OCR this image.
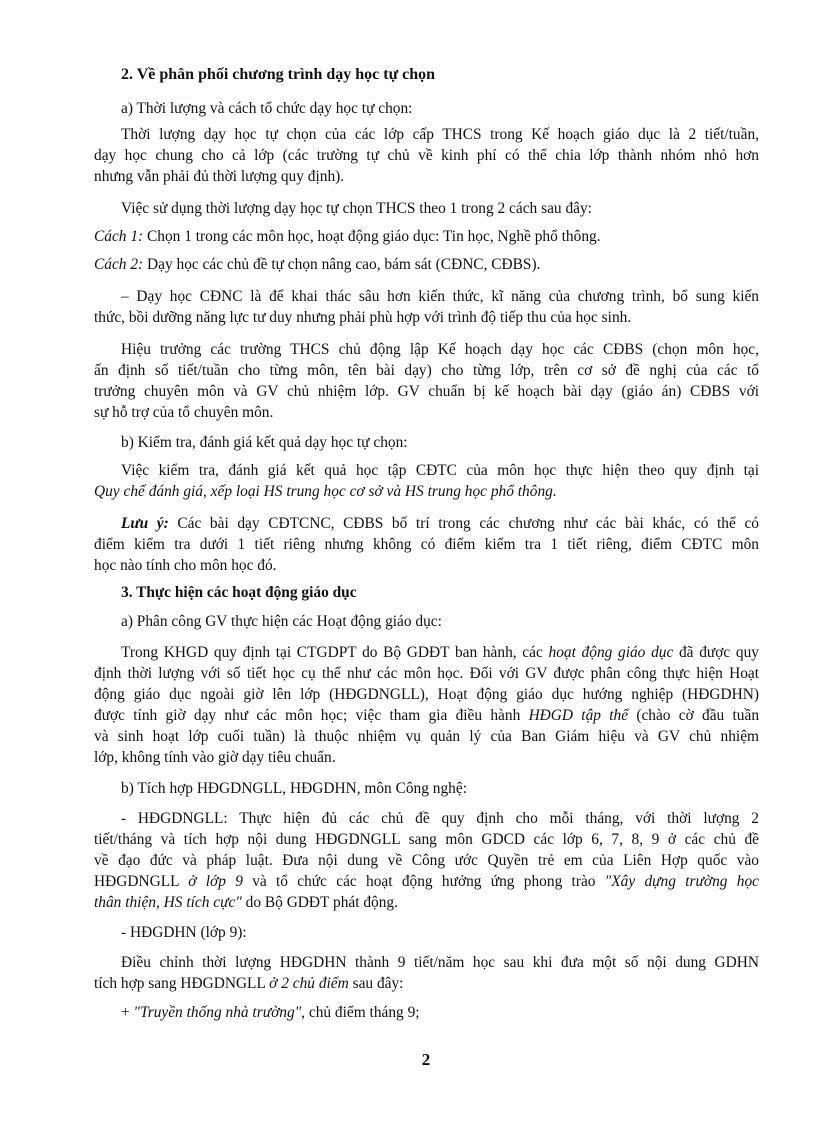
2. Về phân phối chương trình dạy học tự chọn

a) Thời lượng và cách tổ chức dạy học tự chọn:

Thời lượng dạy học tự chọn của các lớp cấp THCS trong Kế hoạch giáo dục là 2 tiết/tuần,

dạy học chung cho cả lớp (các trường tự chủ về kinh phí có thể chia lớp thành nhóm nhỏ hơn

nhưng vẫn phải đủ thời lượng quy định).

Việc sử dụng thời lượng dạy học tự chọn THCS theo 1 trong 2 cách sau đây:

Cách 1: Chọn 1 trong các môn học, hoạt động giáo dục: Tin học, Nghề phổ thông.

Cách 2: Dạy học các chủ đề tự chọn nâng cao, bám sát (CĐNC, CĐBS).

– Dạy học CĐNC là để khai thác sâu hơn kiến thức, kĩ năng của chương trình, bổ sung kiến

thức, bồi dưỡng năng lực tư duy nhưng phải phù hợp với trình độ tiếp thu của học sinh.

Hiệu trưởng các trường THCS chủ động lập Kế hoạch dạy học các CĐBS (chọn môn học,

ấn định số tiết/tuần cho từng môn, tên bài dạy) cho từng lớp, trên cơ sở đề nghị của các tổ

trưởng chuyên môn và GV chủ nhiệm lớp. GV chuẩn bị kế hoạch bài dạy (giáo án) CĐBS với

sự hỗ trợ của tổ chuyên môn.

b) Kiểm tra, đánh giá kết quả dạy học tự chọn:

Việc kiểm tra, đánh giá kết quả học tập CĐTC của môn học thực hiện theo quy định tại

Quy chế đánh giá, xếp loại HS trung học cơ sở và HS trung học phổ thông.

Lưu ý: Các bài dạy CĐTCNC, CĐBS bố trí trong các chương như các bài khác, có thể có

điểm kiểm tra dưới 1 tiết riêng nhưng không có điểm kiểm tra 1 tiết riêng, điểm CĐTC môn

học nào tính cho môn học đó.

3. Thực hiện các hoạt động giáo dục

a) Phân công GV thực hiện các Hoạt động giáo dục:

Trong KHGD quy định tại CTGDPT do Bộ GDĐT ban hành, các hoạt động giáo dục đã được quy

định thời lượng với số tiết học cụ thể như các môn học. Đối với GV được phân công thực hiện Hoạt

động giáo dục ngoài giờ lên lớp (HĐGDNGLL), Hoạt động giáo dục hướng nghiệp (HĐGDHN)

được tính giờ dạy như các môn học; việc tham gia điều hành HĐGD tập thể (chào cờ đầu tuần

và sinh hoạt lớp cuối tuần) là thuộc nhiệm vụ quản lý của Ban Giám hiệu và GV chủ nhiệm

lớp, không tính vào giờ dạy tiêu chuẩn.

b) Tích hợp HĐGDNGLL, HĐGDHN, môn Công nghệ:

- HĐGDNGLL: Thực hiện đủ các chủ đề quy định cho mỗi tháng, với thời lượng 2

tiết/tháng và tích hợp nội dung HĐGDNGLL sang môn GDCD các lớp 6, 7, 8, 9 ở các chủ đề

về đạo đức và pháp luật. Đưa nội dung về Công ước Quyền trẻ em của Liên Hợp quốc vào

HĐGDNGLL ở lớp 9 và tổ chức các hoạt động hưởng ứng phong trào "Xây dựng trường học

thân thiện, HS tích cực" do Bộ GDĐT phát động.

- HĐGDHN (lớp 9):

Điều chỉnh thời lượng HĐGDHN thành 9 tiết/năm học sau khi đưa một số nội dung GDHN

tích hợp sang HĐGDNGLL ở 2 chủ điểm sau đây:

+ "Truyền thống nhà trường", chủ điểm tháng 9;

2
